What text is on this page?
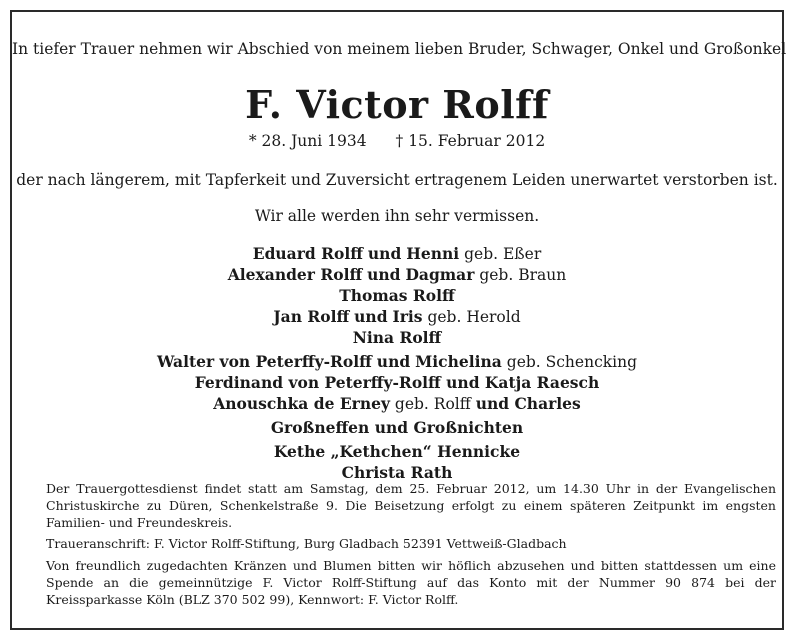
In tiefer Trauer nehmen wir Abschied von meinem lieben Bruder, Schwager, Onkel und Großonkel
F. Victor Rolff
* 28. Juni 1934 † 15. Februar 2012
der nach längerem, mit Tapferkeit und Zuversicht ertragenem Leiden unerwartet verstorben ist.
Wir alle werden ihn sehr vermissen.
Eduard Rolff und Henni geb. Eßer
Alexander Rolff und Dagmar geb. Braun
Thomas Rolff
Jan Rolff und Iris geb. Herold
Nina Rolff
Walter von Peterffy-Rolff und Michelina geb. Schencking
Ferdinand von Peterffy-Rolff und Katja Raesch
Anouschka de Erney geb. Rolff und Charles
Großneffen und Großnichten
Kethe „Kethchen“ Hennicke
Christa Rath
Der Trauergottesdienst findet statt am Samstag, dem 25. Februar 2012, um 14.30 Uhr in der Evangelischen Christuskirche zu Düren, Schenkelstraße 9. Die Beisetzung erfolgt zu einem späteren Zeitpunkt im engsten Familien- und Freundeskreis.
Traueranschrift: F. Victor Rolff-Stiftung, Burg Gladbach 52391 Vettweiß-Gladbach
Von freundlich zugedachten Kränzen und Blumen bitten wir höflich abzusehen und bitten stattdessen um eine Spende an die gemeinnützige F. Victor Rolff-Stiftung auf das Konto mit der Nummer 90 874 bei der Kreissparkasse Köln (BLZ 370 502 99), Kennwort: F. Victor Rolff.
